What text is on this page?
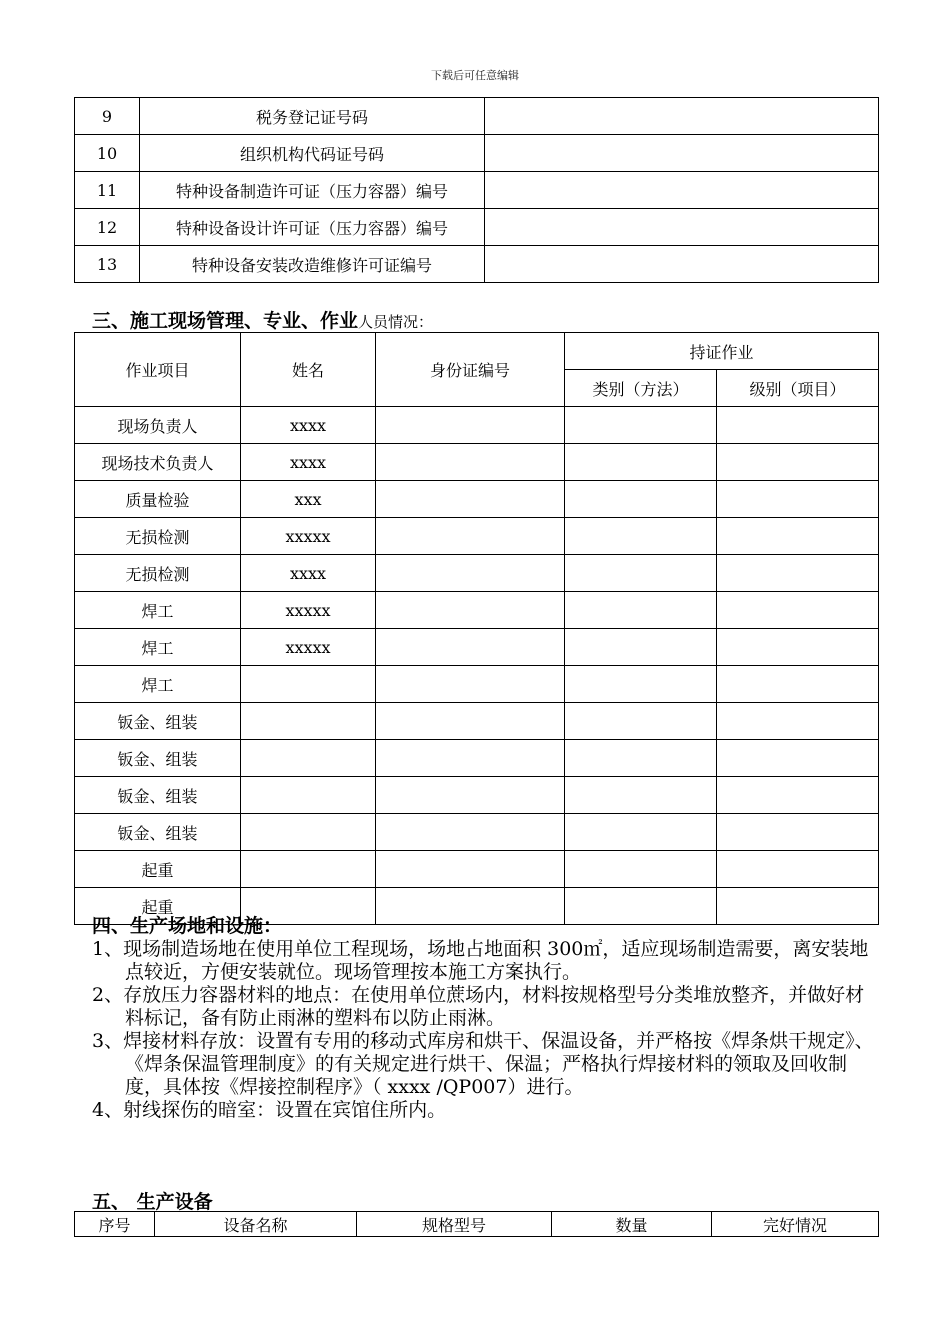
下载后可任意编辑
9	税务登记证号码	
10	组织机构代码证号码	
11	特种设备制造许可证（压力容器）编号	
12	特种设备设计许可证（压力容器）编号	
13	特种设备安装改造维修许可证编号	
三、施工现场管理、专业、作业人员情况：
作业项目	姓名	身份证编号	持证作业	
			类别（方法）	级别（项目）
现场负责人	xxxx			
现场技术负责人	xxxx			
质量检验	xxx			
无损检测	xxxxx			
无损检测	xxxx			
焊工	xxxxx			
焊工	xxxxx			
焊工				
钣金、组装				
钣金、组装				
钣金、组装				
钣金、组装				
起重				
起重				
四、生产场地和设施：

1、现场制造场地在使用单位工程现场，场地占地面积 300㎡，适应现场制造需要，离安装地点较近，方便安装就位。现场管理按本施工方案执行。

2、存放压力容器材料的地点：在使用单位蔗场内，材料按规格型号分类堆放整齐，并做好材料标记，备有防止雨淋的塑料布以防止雨淋。

3、焊接材料存放：设置有专用的移动式库房和烘干、保温设备，并严格按《焊条烘干规定》、《焊条保温管理制度》的有关规定进行烘干、保温；严格执行焊接材料的领取及回收制度，具体按《焊接控制程序》（ xxxx /QP007）进行。

4、射线探伤的暗室：设置在宾馆住所内。

五、 生产设备
序号	设备名称	规格型号	数量	完好情况
